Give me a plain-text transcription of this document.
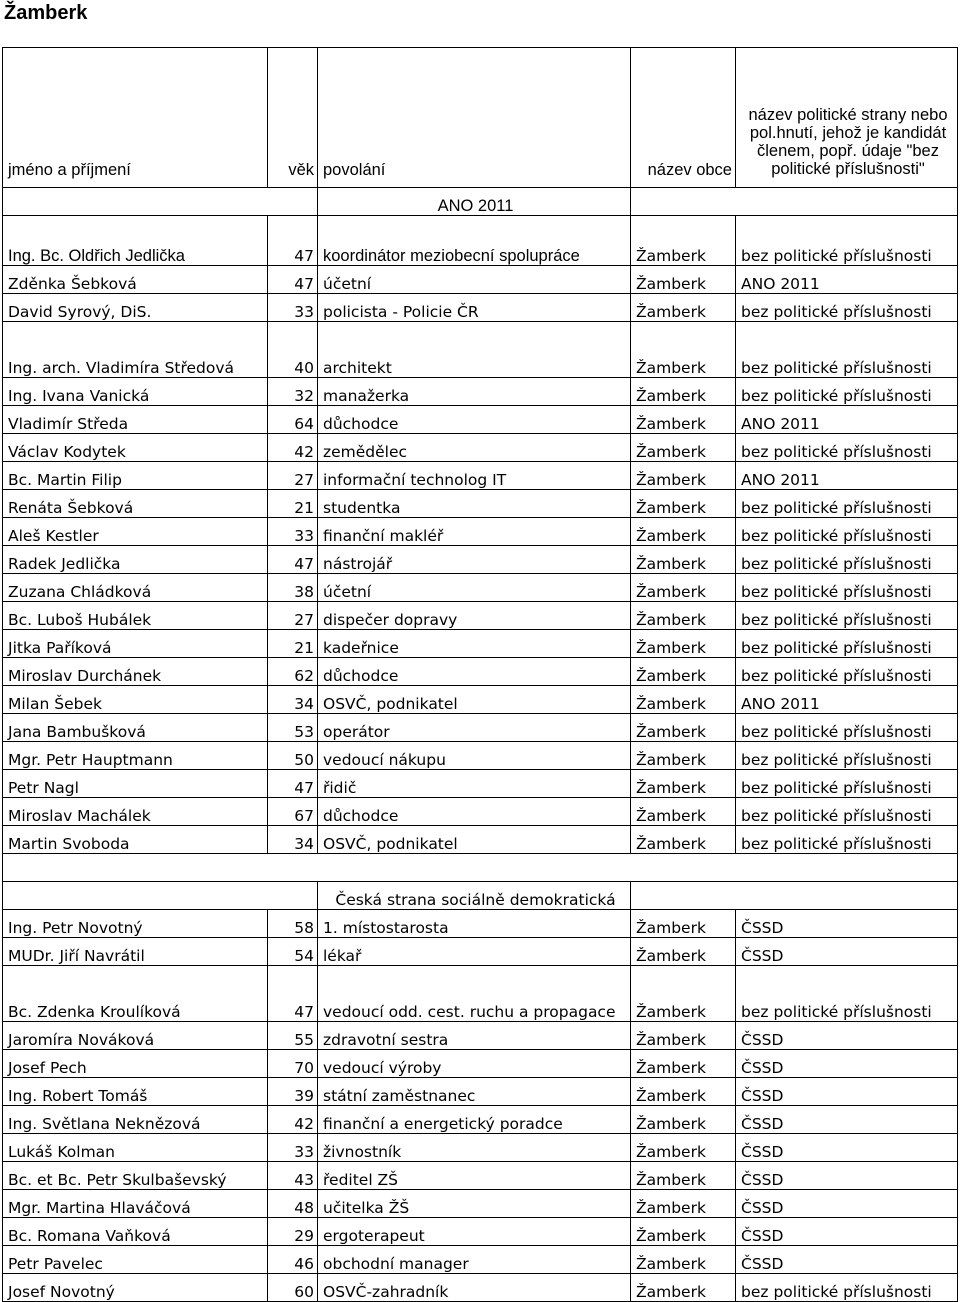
Žamberk
jméno a příjmení	věk	povolání	název obce	název politické strany nebo pol.hnutí, jehož je kandidát členem, popř. údaje "bez politické příslušnosti"
		ANO 2011		
Ing. Bc. Oldřich Jedlička	47	koordinátor meziobecní spolupráce	Žamberk	bez politické příslušnosti
Zděnka Šebková	47	účetní	Žamberk	ANO 2011
David Syrový, DiS.	33	policista - Policie ČR	Žamberk	bez politické příslušnosti
Ing. arch. Vladimíra Středová	40	architekt	Žamberk	bez politické příslušnosti
Ing. Ivana Vanická	32	manažerka	Žamberk	bez politické příslušnosti
Vladimír Středa	64	důchodce	Žamberk	ANO 2011
Václav Kodytek	42	zemědělec	Žamberk	bez politické příslušnosti
Bc. Martin Filip	27	informační technolog IT	Žamberk	ANO 2011
Renáta Šebková	21	studentka	Žamberk	bez politické příslušnosti
Aleš Kestler	33	finanční makléř	Žamberk	bez politické příslušnosti
Radek Jedlička	47	nástrojář	Žamberk	bez politické příslušnosti
Zuzana Chládková	38	účetní	Žamberk	bez politické příslušnosti
Bc. Luboš Hubálek	27	dispečer dopravy	Žamberk	bez politické příslušnosti
Jitka Paříková	21	kadeřnice	Žamberk	bez politické příslušnosti
Miroslav Durchánek	62	důchodce	Žamberk	bez politické příslušnosti
Milan Šebek	34	OSVČ, podnikatel	Žamberk	ANO 2011
Jana Bambušková	53	operátor	Žamberk	bez politické příslušnosti
Mgr. Petr Hauptmann	50	vedoucí nákupu	Žamberk	bez politické příslušnosti
Petr Nagl	47	řidič	Žamberk	bez politické příslušnosti
Miroslav Machálek	67	důchodce	Žamberk	bez politické příslušnosti
Martin Svoboda	34	OSVČ, podnikatel	Žamberk	bez politické příslušnosti

		Česká strana sociálně demokratická		
Ing. Petr Novotný	58	1. místostarosta	Žamberk	ČSSD
MUDr. Jiří Navrátil	54	lékař	Žamberk	ČSSD
Bc. Zdenka Kroulíková	47	vedoucí odd. cest. ruchu a propagace	Žamberk	bez politické příslušnosti
Jaromíra Nováková	55	zdravotní sestra	Žamberk	ČSSD
Josef Pech	70	vedoucí výroby	Žamberk	ČSSD
Ing. Robert Tomáš	39	státní zaměstnanec	Žamberk	ČSSD
Ing. Světlana Neknězová	42	finanční a energetický poradce	Žamberk	ČSSD
Lukáš Kolman	33	živnostník	Žamberk	ČSSD
Bc. et Bc. Petr Skulbaševský	43	ředitel ZŠ	Žamberk	ČSSD
Mgr. Martina Hlaváčová	48	učitelka ŽŠ	Žamberk	ČSSD
Bc. Romana Vaňková	29	ergoterapeut	Žamberk	ČSSD
Petr Pavelec	46	obchodní manager	Žamberk	ČSSD
Josef Novotný	60	OSVČ-zahradník	Žamberk	bez politické příslušnosti
